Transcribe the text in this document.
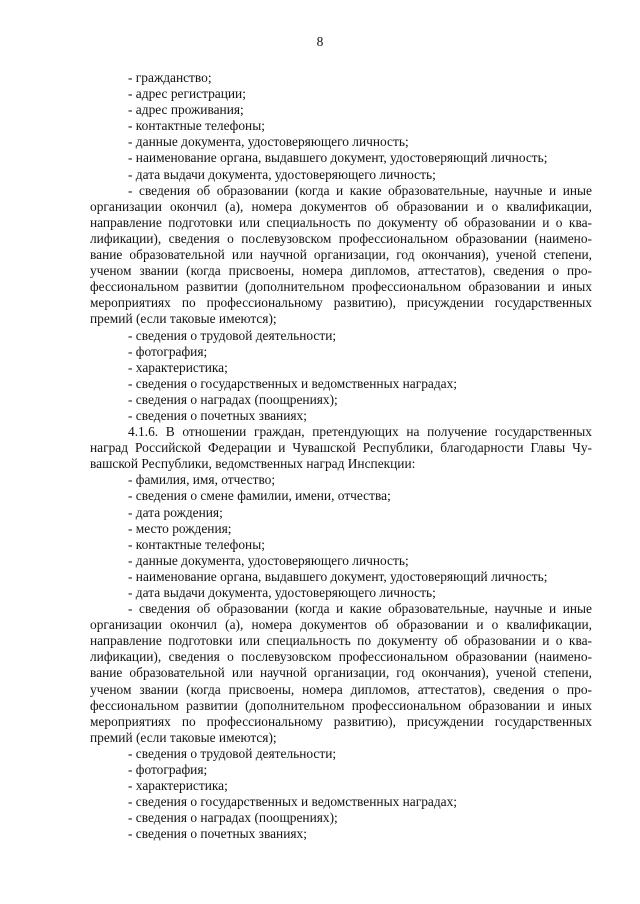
8

- гражданство;

- адрес регистрации;

- адрес проживания;

- контактные телефоны;

- данные документа, удостоверяющего личность;

- наименование органа, выдавшего документ, удостоверяющий личность;

- дата выдачи документа, удостоверяющего личность;

- сведения об образовании (когда и какие образовательные, научные и иные

организации окончил (а), номера документов об образовании и о квалификации,

направление подготовки или специальность по документу об образовании и о ква-

лификации), сведения о послевузовском профессиональном образовании (наимено-

вание образовательной или научной организации, год окончания), ученой степени,

ученом звании (когда присвоены, номера дипломов, аттестатов), сведения о про-

фессиональном развитии (дополнительном профессиональном образовании и иных

мероприятиях по профессиональному развитию), присуждении государственных

премий (если таковые имеются);

- сведения о трудовой деятельности;

- фотография;

- характеристика;

- сведения о государственных и ведомственных наградах;

- сведения о наградах (поощрениях);

- сведения о почетных званиях;

4.1.6. В отношении граждан, претендующих на получение государственных

наград Российской Федерации и Чувашской Республики, благодарности Главы Чу-

вашской Республики, ведомственных наград Инспекции:

- фамилия, имя, отчество;

- сведения о смене фамилии, имени, отчества;

- дата рождения;

- место рождения;

- контактные телефоны;

- данные документа, удостоверяющего личность;

- наименование органа, выдавшего документ, удостоверяющий личность;

- дата выдачи документа, удостоверяющего личность;

- сведения об образовании (когда и какие образовательные, научные и иные

организации окончил (а), номера документов об образовании и о квалификации,

направление подготовки или специальность по документу об образовании и о ква-

лификации), сведения о послевузовском профессиональном образовании (наимено-

вание образовательной или научной организации, год окончания), ученой степени,

ученом звании (когда присвоены, номера дипломов, аттестатов), сведения о про-

фессиональном развитии (дополнительном профессиональном образовании и иных

мероприятиях по профессиональному развитию), присуждении государственных

премий (если таковые имеются);

- сведения о трудовой деятельности;

- фотография;

- характеристика;

- сведения о государственных и ведомственных наградах;

- сведения о наградах (поощрениях);

- сведения о почетных званиях;
